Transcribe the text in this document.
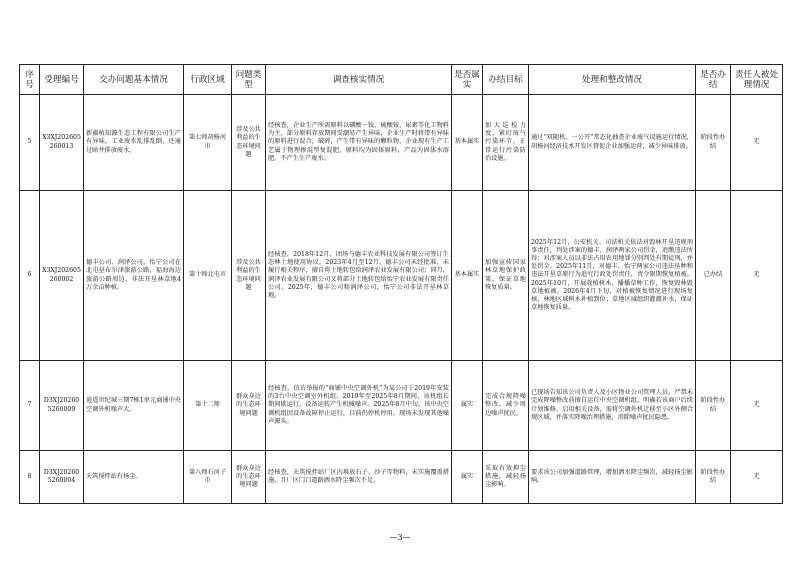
序号	受理编号	交办问题基本情况	行政区域	问题类型	调查核实情况	是否属实	办结目标	处理和整改情况	是否办结	责任人被处理情况
5	X3XJ202605260013	新疆植知源生态工程有限公司生产有异味，工业废水乱排乱倒，还通过暗井排放废水。	第七师胡杨河市	涉及公共利益的生态环境问题	经核查，企业生产所需原料以磷酸一铵、硫酸铵、尿素等化工物料为主，部分原料存放期间受潮易产生异味，企业生产时将带有异味的原料进行混合，破碎，产生带有异味的颗粒物，企业现有生产工艺属于物理掺混型复混肥，原料均为固体原料，产品为固体水溶肥，不产生生产废水。	基本属实	加大巡检力度，紧盯废气污染环节，正常运行污染防治设施。	通过“双随机、一公开”常态化抽查企业废气设施运行情况，胡杨河经济技术开发区督促企业加强运营，减少异味排放。	阶段性办结	无
6	X3XJ202605260002	德丰公司、润泽公司，怡宁公司在北屯垦布尔津旅游公路，福海海边旅游公路周边，非法开垦林草地4万余亩种植。	第十师北屯市	涉及公共利益的生态环境问题	经核查，2018年12月，团场与德丰农业科技发展有限公司签订生态林土地使用协议，2023年4月至12月，德丰公司未经批准、未履行相关程序，擅自将土地转包给润泽农业发展有限公司；同月，润泽农业发展有限公司又将部分土地转包给怡宁农业发展有限责任公司。2025年，德丰公司和润泽公司，怡宁公司非法开垦林草地。	基本属实	加强宣传国家林草地保护政策，保证草地恢复质量。	2025年12月，公安机关、司法机关依法对毁林开垦违规刑事责任，判处涉案的德丰、润泽两家公司罚金，追缴违法所得；对涉案人员以非法占用农用地罪分别判处有期徒刑，并处罚金。2025年11月，对德丰、怡宁两家公司违法垦种和违法开垦草原行为追究行政处罚责任，责令限期恢复植被。2025年10月，开展栽植树木、播播草种工作，恢复毁林毁草地植被。2026年4月下旬，对植被恢复情况进行现场复核，林地区域树木补植到位；草地区域组织灌溉补水，保证草地恢复质量。	已办结	无
7	D3XJ202605260009	逍遥世纪城三期7栋1单元商铺中央空调外机噪声大。	第十二师	群众身边的生态环境问题	经核查，信访举报的“商铺中央空调外机”为某公司于2019年安装的3台中央空调室外机组。2019年至2025年8月期间，该机组长期间歇运行，设备运转产生机械噪声。2025年8月中旬，该中央空调机组因设备故障停止运行，目前仍停机停用，现场未发现其他噪声源头。	属实	完成合规降噪整改，减少周边噪声扰民。	已现场告知该公司负责人及小区物业公司管理人员，严禁未完成降噪整改前擅自运行中央空调机组，明确若该商户后续计划维修、启用相关设备，需将空调外机迁移至小区外侧合规区域，并落实降噪治理措施，消除噪声扰民隐患。	阶段性办结	无
8	D3XJ202605260004	天筑搅拌站有扬尘。	第八师石河子市	群众身边的生态环境问题	经核查，天筑搅拌站厂区内堆放石子、沙子等物料，未实施覆盖措施，且厂区门口道路洒水降尘频次不足。	属实	采取有效抑尘措施，减轻扬尘影响。	要求该公司加强道路管理，增加洒水降尘频次，减轻扬尘影响。	阶段性办结	无
—3—
